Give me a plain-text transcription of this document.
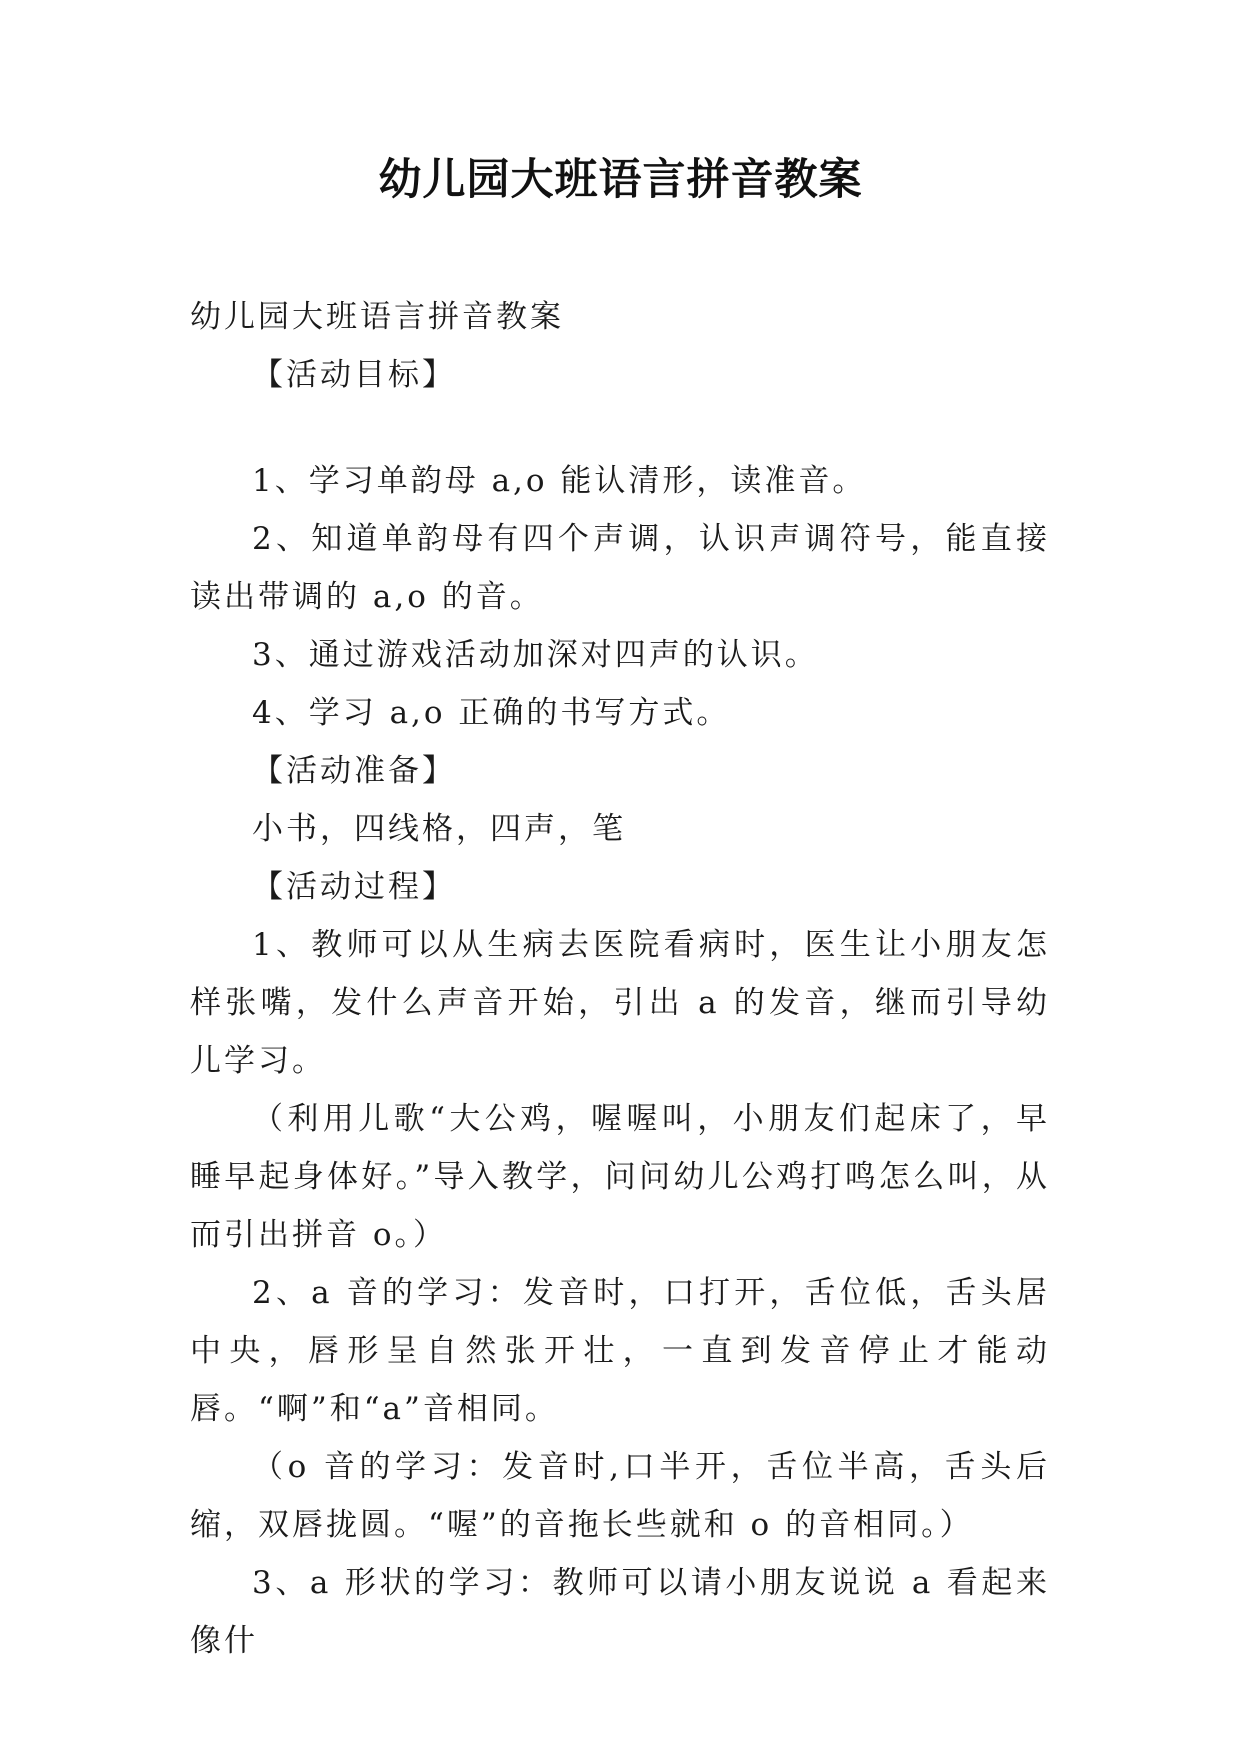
幼儿园大班语言拼音教案

幼儿园大班语言拼音教案

【活动目标】

1、学习单韵母 a,o 能认清形，读准音。

2、知道单韵母有四个声调，认识声调符号，能直接读出带调的 a,o 的音。

3、通过游戏活动加深对四声的认识。

4、学习 a,o 正确的书写方式。

【活动准备】

小书，四线格，四声，笔

【活动过程】

1、教师可以从生病去医院看病时，医生让小朋友怎样张嘴，发什么声音开始，引出 a 的发音，继而引导幼儿学习。

（利用儿歌“大公鸡，喔喔叫，小朋友们起床了，早睡早起身体好。”导入教学，问问幼儿公鸡打鸣怎么叫，从而引出拼音 o。）

2、a 音的学习：发音时，口打开，舌位低，舌头居中央，唇形呈自然张开壮，一直到发音停止才能动唇。“啊”和“a”音相同。

（o 音的学习：发音时,口半开，舌位半高，舌头后缩，双唇拢圆。“喔”的音拖长些就和 o 的音相同。）

3、a 形状的学习：教师可以请小朋友说说 a 看起来像什
